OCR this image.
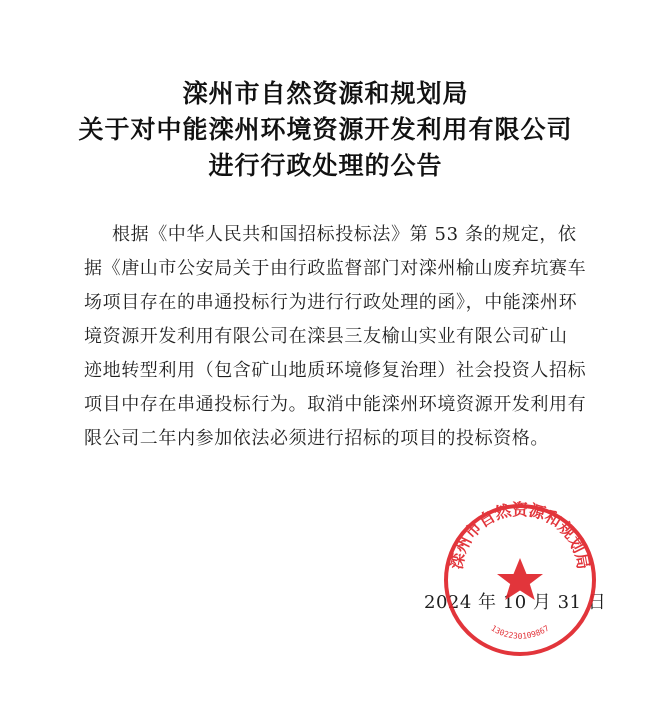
滦州市自然资源和规划局
关于对中能滦州环境资源开发利用有限公司
进行行政处理的公告
根据《中华人民共和国招标投标法》第 53 条的规定，依
据《唐山市公安局关于由行政监督部门对滦州榆山废弃坑赛车
场项目存在的串通投标行为进行行政处理的函》，中能滦州环
境资源开发利用有限公司在滦县三友榆山实业有限公司矿山
迹地转型利用（包含矿山地质环境修复治理）社会投资人招标
项目中存在串通投标行为。取消中能滦州环境资源开发利用有
限公司二年内参加依法必须进行招标的项目的投标资格。
2024 年 10 月 31 日
滦州市自然资源和规划局
1302230109867
